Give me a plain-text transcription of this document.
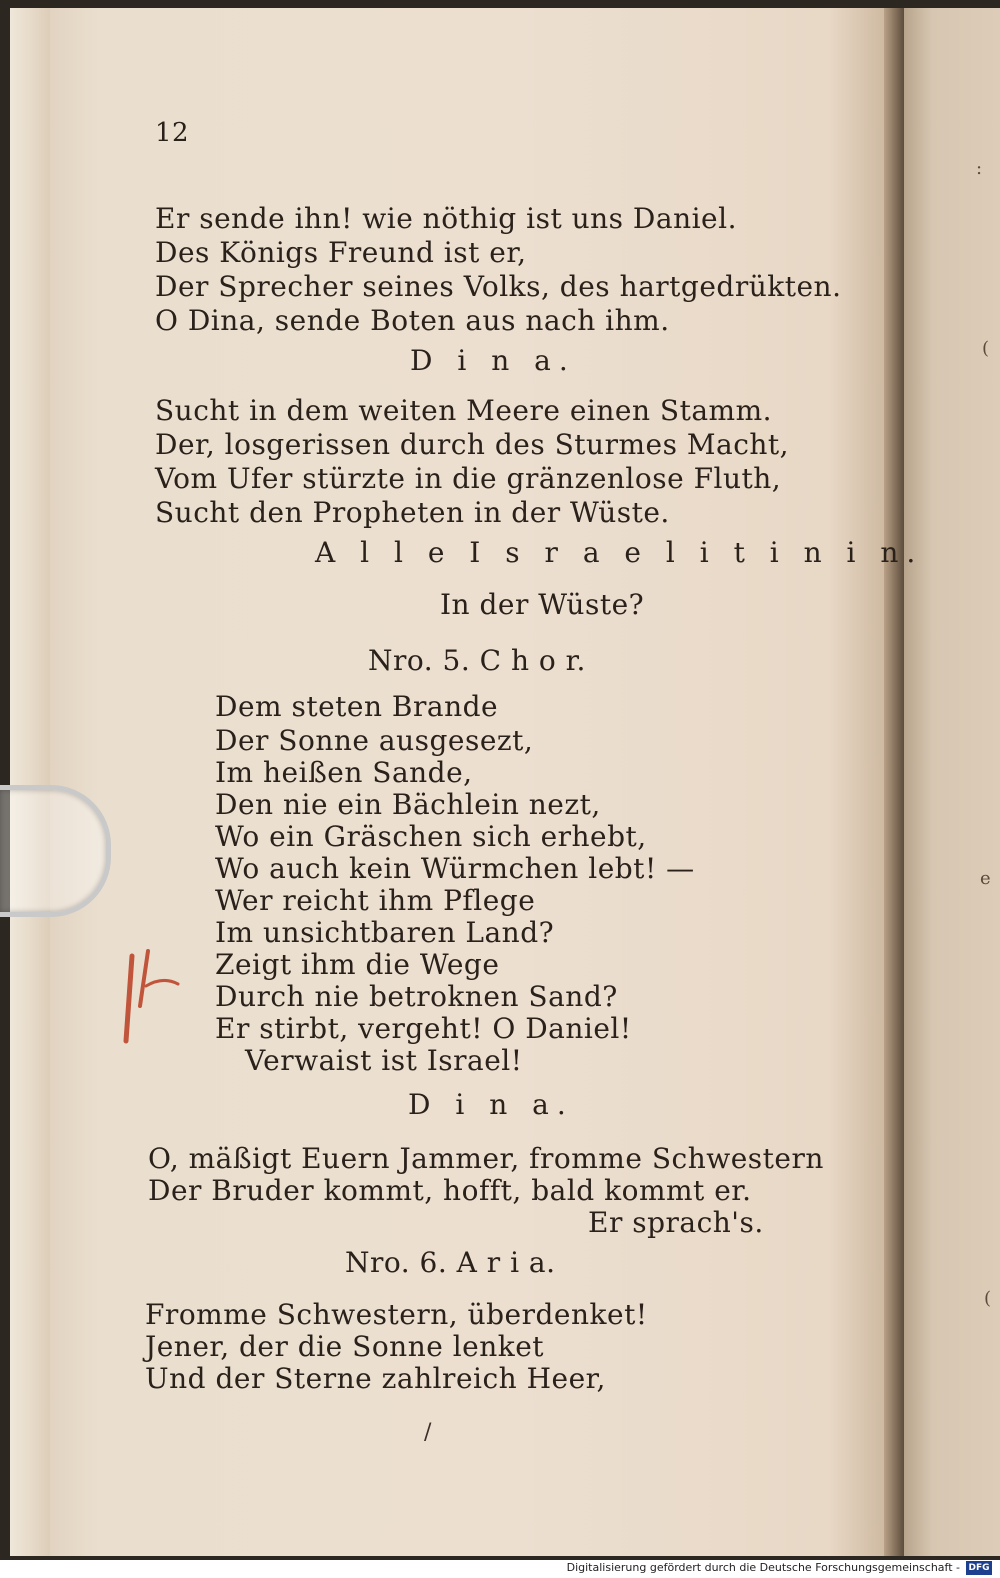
:
(
e
(
12
Er sende ihn! wie nöthig ist uns Daniel.
Des Königs Freund ist er,
Der Sprecher seines Volks, des hartgedrükten.
O Dina, sende Boten aus nach ihm.
D i n a.
Sucht in dem weiten Meere einen Stamm.
Der, losgerissen durch des Sturmes Macht,
Vom Ufer stürzte in die gränzenlose Fluth,
Sucht den Propheten in der Wüste.
A l l e I s r a e l i t i n i n.
In der Wüste?
Nro. 5. C h o r.
Dem steten Brande
Der Sonne ausgesezt,
Im heißen Sande,
Den nie ein Bächlein nezt,
Wo ein Gräschen sich erhebt,
Wo auch kein Würmchen lebt! —
Wer reicht ihm Pflege
Im unsichtbaren Land?
Zeigt ihm die Wege
Durch nie betroknen Sand?
Er stirbt, vergeht! O Daniel!
Verwaist ist Israel!
D i n a.
O, mäßigt Euern Jammer, fromme Schwestern
Der Bruder kommt, hofft, bald kommt er.
Er sprach's.
Nro. 6. A r i a.
Fromme Schwestern, überdenket!
Jener, der die Sonne lenket
Und der Sterne zahlreich Heer,
/
Digitalisierung gefördert durch die Deutsche Forschungsgemeinschaft - DFG
